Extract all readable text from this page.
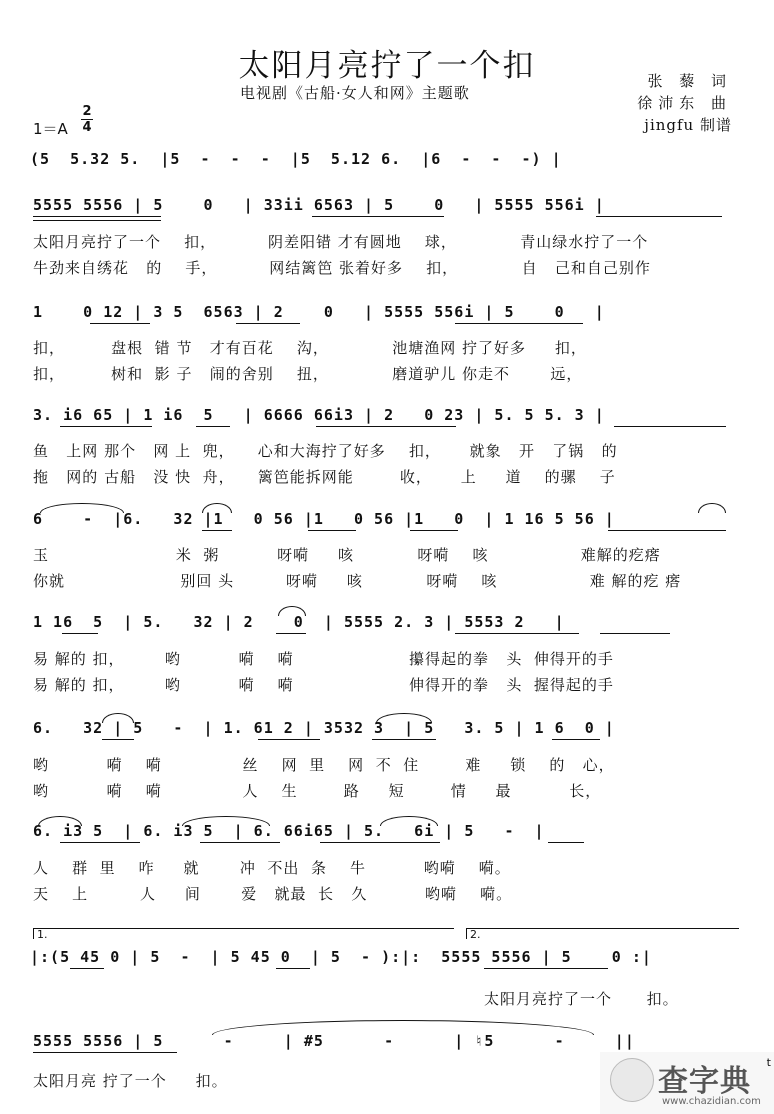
太阳月亮拧了一个扣
电视剧《古船·女人和网》主题歌
张 藜 词
徐沛东 曲
jingfu 制谱
1＝A
2
4
(5  5.32 5.  |5  -  -  -  |5  5.12 6.  |6  -  -  -) |
5555 5556 | 5    0   | 33ii 6563 | 5    0   | 5555 556i |
太阳月亮拧了一个    扣，         阴差阳错 才有圆地    球，           青山绿水拧了一个
牛劲来自绣花   的    手，         网结篱笆 张着好多    扣，           自   己和自己别作
1    0 12 | 3 5  6563 | 2    0   | 5555 556i | 5    0   |
扣，        盘根  错 节   才有百花    沟，           池塘渔网 拧了好多     扣，
扣，        树和  影 子   闹的舍别    扭，           磨道驴儿 你走不       远，
3. i6 65 | 1 i6  5   | 6666 66i3 | 2   0 23 | 5. 5 5. 3 |
鱼   上网 那个   网 上  兜，    心和大海拧了好多    扣，     就象   开   了锅   的
拖   网的 古船   没 快  舟，    篱笆能拆网能        收，     上     道    的骡    子
6    -  |6.   32 |1   0 56 |1   0 56 |1   0  | 1 16 5 56 |
玉                      米  粥          呀嗬     咳           呀嗬    咳                难解的疙瘩
你就                    别回 头         呀嗬     咳           呀嗬    咳                难 解的疙 瘩
1 16  5  | 5.   32 | 2    0  | 5555 2. 3 | 5553 2   |
易 解的 扣，       哟          嗬    嗬                    攥得起的拳   头  伸得开的手
易 解的 扣，       哟          嗬    嗬                    伸得开的拳   头  握得起的手
6.   32 | 5   -  | 1. 61 2 | 3532 3  | 5   3. 5 | 1 6  0 |
哟          嗬    嗬              丝    网  里    网  不  住        难     锁    的   心，
哟          嗬    嗬              人    生        路     短        情     最          长，
6. i3 5  | 6. i3 5  | 6. 66i65 | 5.   6i | 5   -  |
人    群  里    咋     就       冲  不出  条    牛          哟嗬    嗬。
天    上         人     间       爱   就最  长   久          哟嗬    嗬。
1.	2.
|:(5 45 0 | 5  -  | 5 45 0  | 5  - ):|:  5555 5556 | 5    0 :|
太阳月亮拧了一个      扣。
5555 5556 | 5      -     | #5      -      | ♮5      -     ||
太阳月亮 拧了一个     扣。	查字典
www.chazidian.com
t
